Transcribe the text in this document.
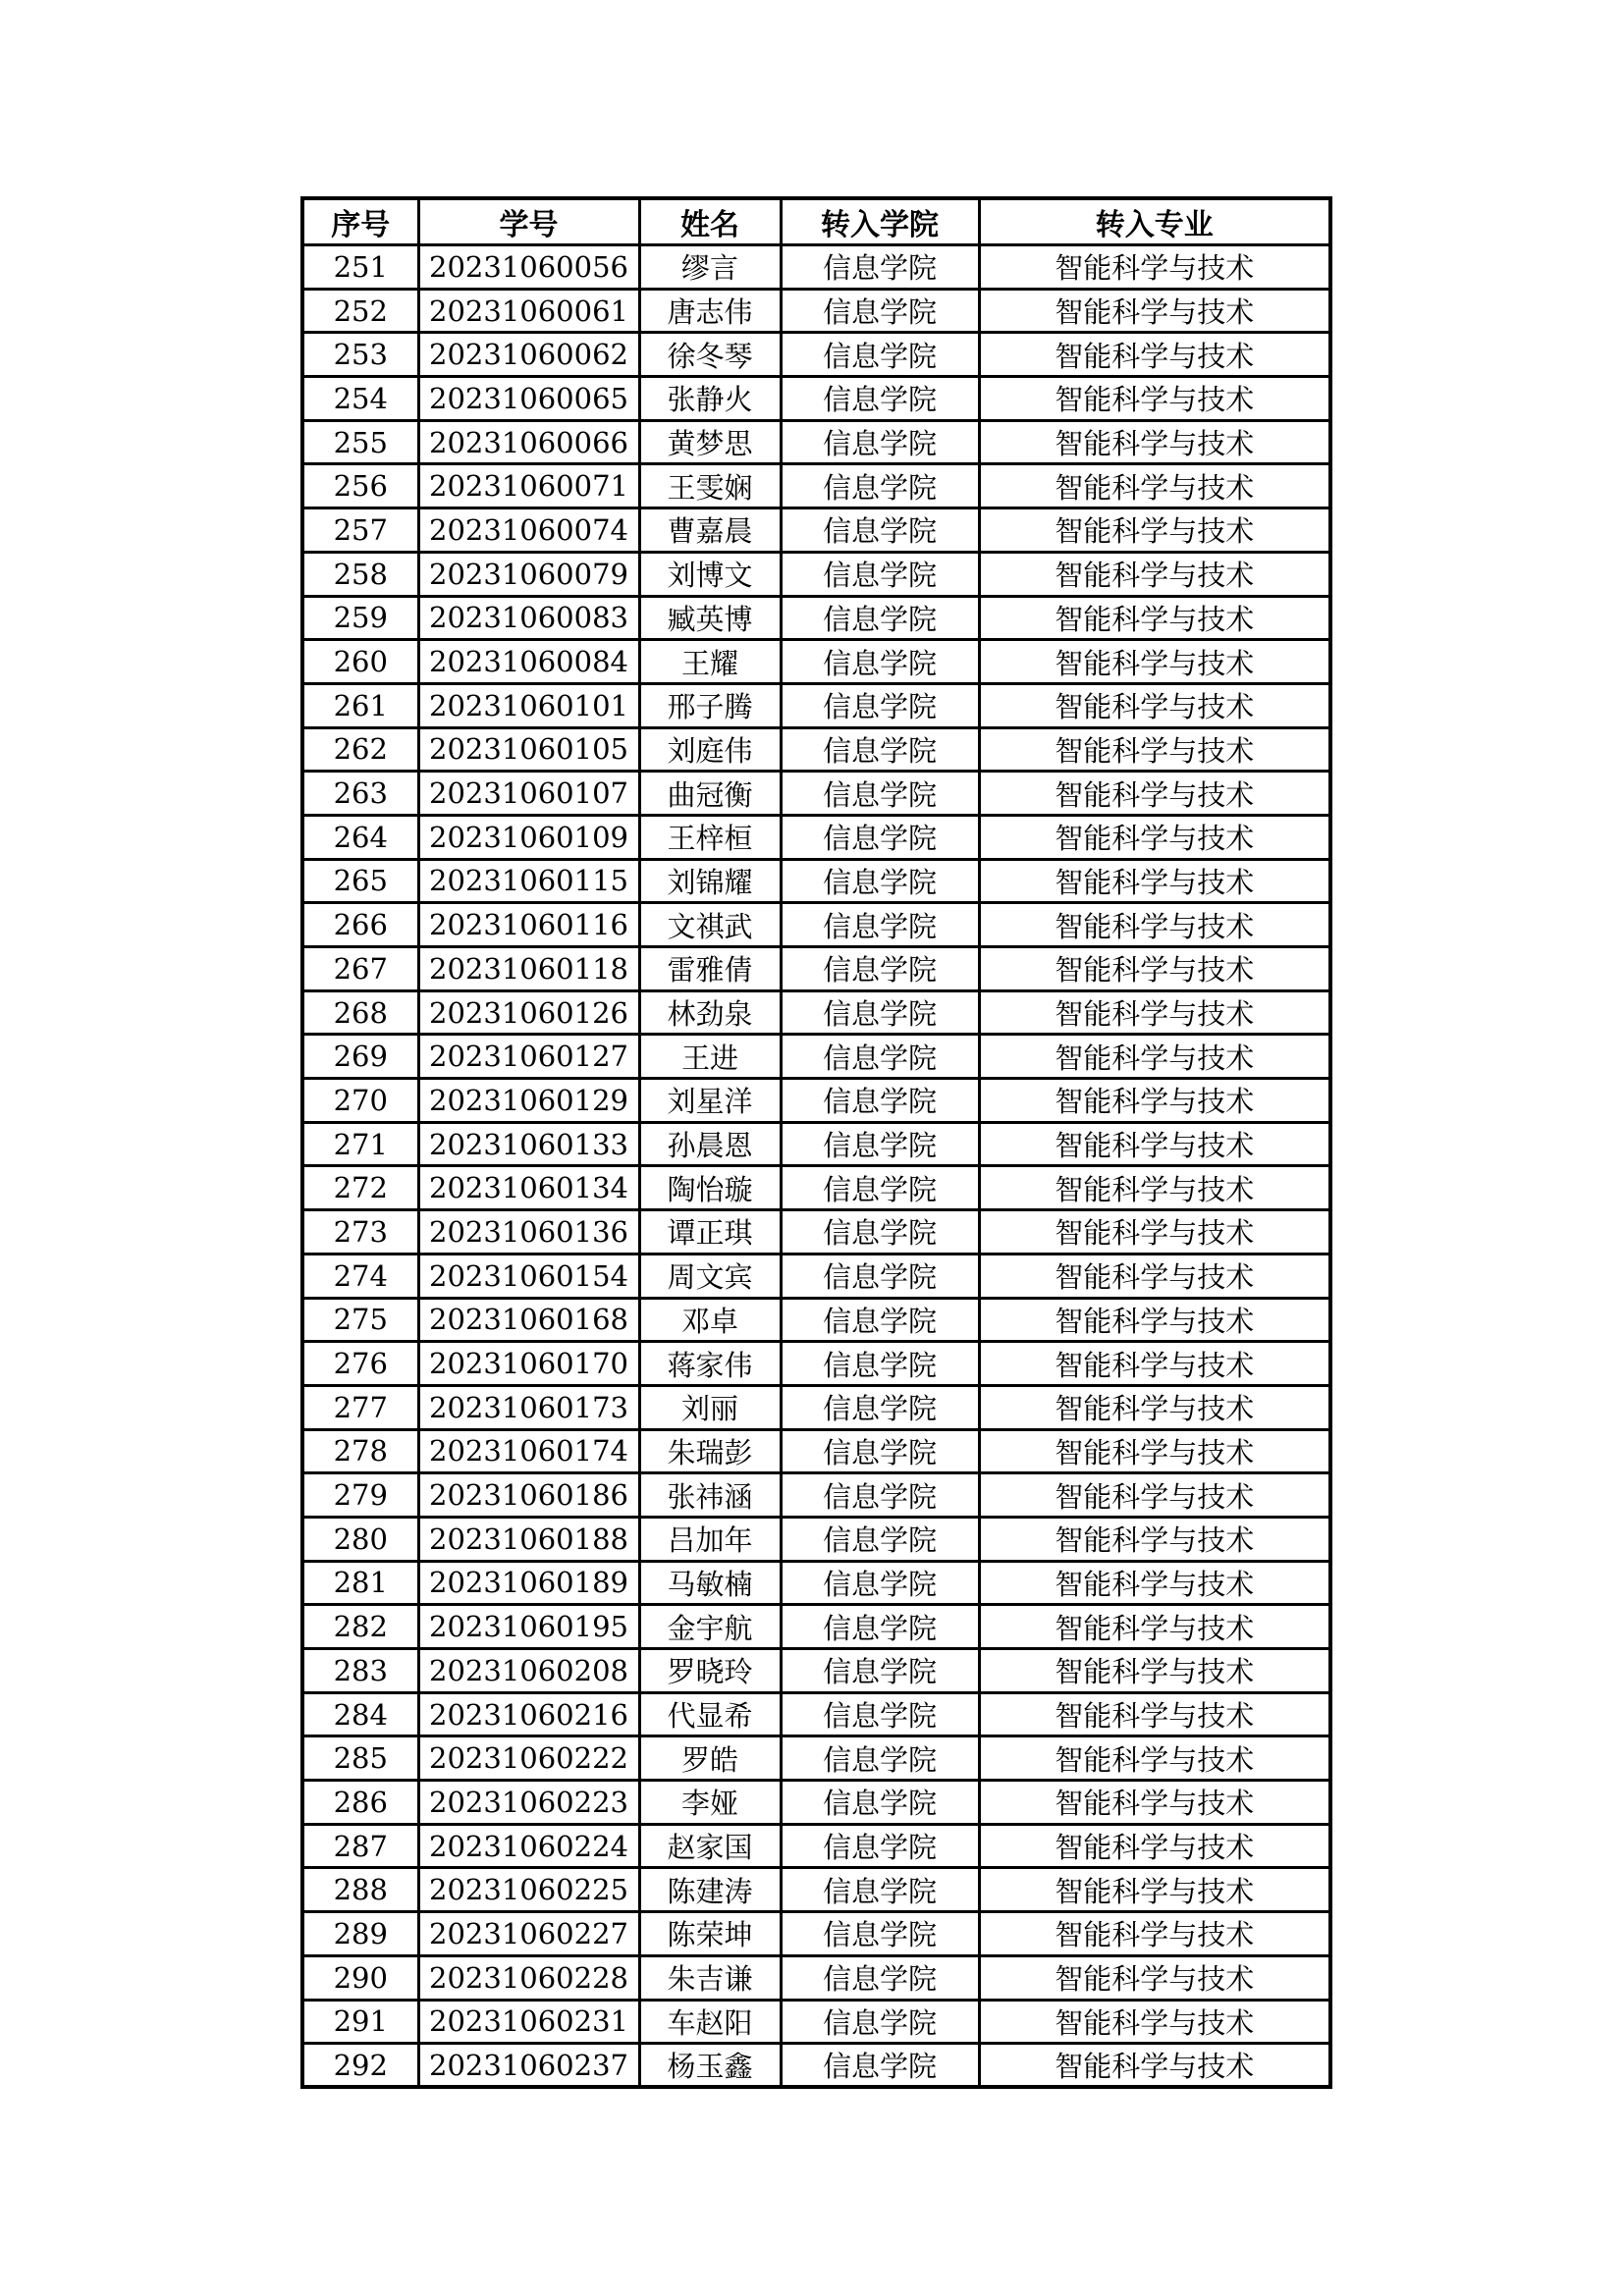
序号	学号	姓名	转入学院	转入专业
251	20231060056	缪言	信息学院	智能科学与技术
252	20231060061	唐志伟	信息学院	智能科学与技术
253	20231060062	徐冬琴	信息学院	智能科学与技术
254	20231060065	张静火	信息学院	智能科学与技术
255	20231060066	黄梦思	信息学院	智能科学与技术
256	20231060071	王雯娴	信息学院	智能科学与技术
257	20231060074	曹嘉晨	信息学院	智能科学与技术
258	20231060079	刘博文	信息学院	智能科学与技术
259	20231060083	臧英博	信息学院	智能科学与技术
260	20231060084	王耀	信息学院	智能科学与技术
261	20231060101	邢子腾	信息学院	智能科学与技术
262	20231060105	刘庭伟	信息学院	智能科学与技术
263	20231060107	曲冠衡	信息学院	智能科学与技术
264	20231060109	王梓桓	信息学院	智能科学与技术
265	20231060115	刘锦耀	信息学院	智能科学与技术
266	20231060116	文祺武	信息学院	智能科学与技术
267	20231060118	雷雅倩	信息学院	智能科学与技术
268	20231060126	林劲泉	信息学院	智能科学与技术
269	20231060127	王进	信息学院	智能科学与技术
270	20231060129	刘星洋	信息学院	智能科学与技术
271	20231060133	孙晨恩	信息学院	智能科学与技术
272	20231060134	陶怡璇	信息学院	智能科学与技术
273	20231060136	谭正琪	信息学院	智能科学与技术
274	20231060154	周文宾	信息学院	智能科学与技术
275	20231060168	邓卓	信息学院	智能科学与技术
276	20231060170	蒋家伟	信息学院	智能科学与技术
277	20231060173	刘丽	信息学院	智能科学与技术
278	20231060174	朱瑞彭	信息学院	智能科学与技术
279	20231060186	张祎涵	信息学院	智能科学与技术
280	20231060188	吕加年	信息学院	智能科学与技术
281	20231060189	马敏楠	信息学院	智能科学与技术
282	20231060195	金宇航	信息学院	智能科学与技术
283	20231060208	罗晓玲	信息学院	智能科学与技术
284	20231060216	代显希	信息学院	智能科学与技术
285	20231060222	罗皓	信息学院	智能科学与技术
286	20231060223	李娅	信息学院	智能科学与技术
287	20231060224	赵家国	信息学院	智能科学与技术
288	20231060225	陈建涛	信息学院	智能科学与技术
289	20231060227	陈荣坤	信息学院	智能科学与技术
290	20231060228	朱吉谦	信息学院	智能科学与技术
291	20231060231	车赵阳	信息学院	智能科学与技术
292	20231060237	杨玉鑫	信息学院	智能科学与技术
